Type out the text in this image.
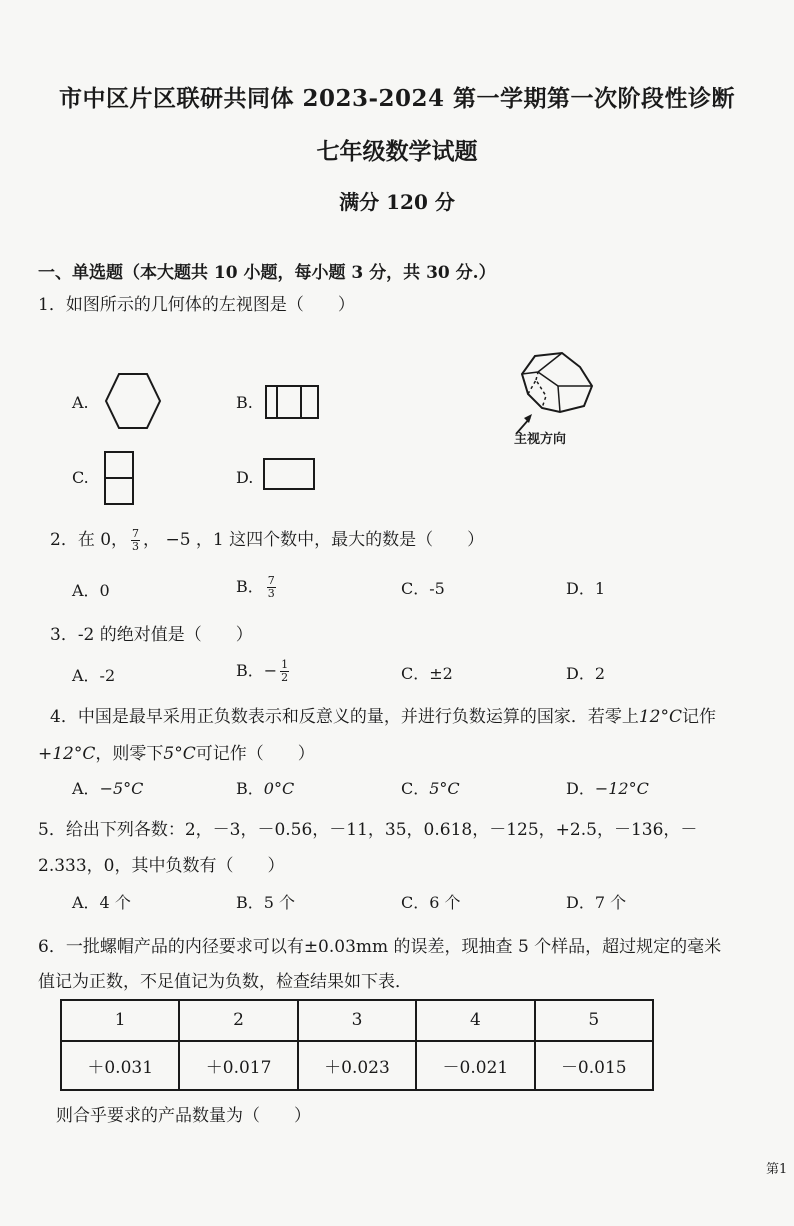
市中区片区联研共同体 2023-2024 第一学期第一次阶段性诊断
七年级数学试题
满分 120 分
一、单选题（本大题共 10 小题，每小题 3 分，共 30 分.）
1．如图所示的几何体的左视图是（　　）
A.	B.
C.	D.
主视方向
2．在 0， $\frac{7}{3}$ ， −5 ，1 这四个数中，最大的数是（　　）
A．0	B． $\frac{7}{3}$	C．-5	D．1
3．-2 的绝对值是（　　）
A．-2	B．− $\frac{1}{2}$	C．±2	D．2
4．中国是最早采用正负数表示和反意义的量，并进行负数运算的国家．若零上12°C记作
+12°C，则零下5°C可记作（　　）
A．−5°C	B．0°C	C．5°C	D．−12°C
5．给出下列各数：2，－3，－0.56，－11，35，0.618，－125，+2.5，－136，－
2.333，0，其中负数有（　　）
A．4 个	B．5 个	C．6 个	D．7 个
6．一批螺帽产品的内径要求可以有±0.03mm 的误差，现抽查 5 个样品，超过规定的毫米
值记为正数，不足值记为负数，检查结果如下表．
1	2	3	4	5
＋0.031	＋0.017	＋0.023	－0.021	－0.015
则合乎要求的产品数量为（　　）
第1
